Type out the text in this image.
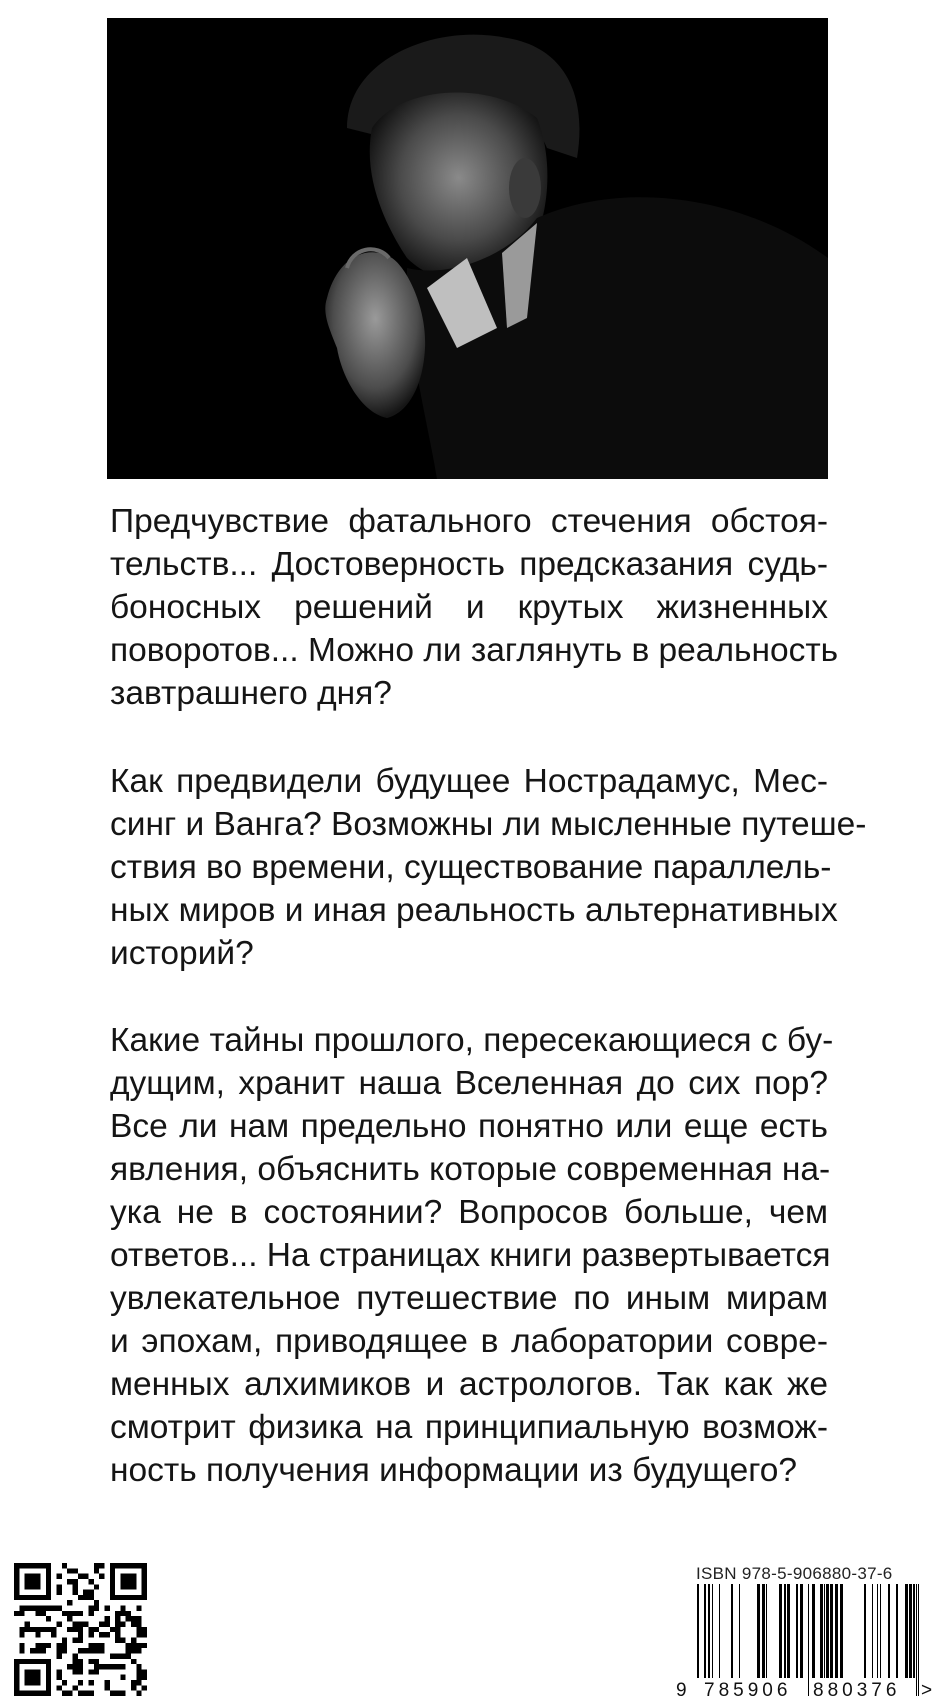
Предчувствие фатального стечения обстоя-
тельств... Достоверность предсказания судь-
боносных решений и крутых жизненных
поворотов... Можно ли заглянуть в реальность
завтрашнего дня?
Как предвидели будущее Нострадамус, Мес-
синг и Ванга? Возможны ли мысленные путеше-
ствия во времени, существование параллель-
ных миров и иная реальность альтернативных
историй?
Какие тайны прошлого, пересекающиеся с бу-
дущим, хранит наша Вселенная до сих пор?
Все ли нам предельно понятно или еще есть
явления, объяснить которые современная на-
ука не в состоянии? Вопросов больше, чем
ответов... На страницах книги развертывается
увлекательное путешествие по иным мирам
и эпохам, приводящее в лаборатории совре-
менных алхимиков и астрологов. Так как же
смотрит физика на принципиальную возмож-
ность получения информации из будущего?
ISBN 978-5-906880-37-6
9 785906 880376 >
